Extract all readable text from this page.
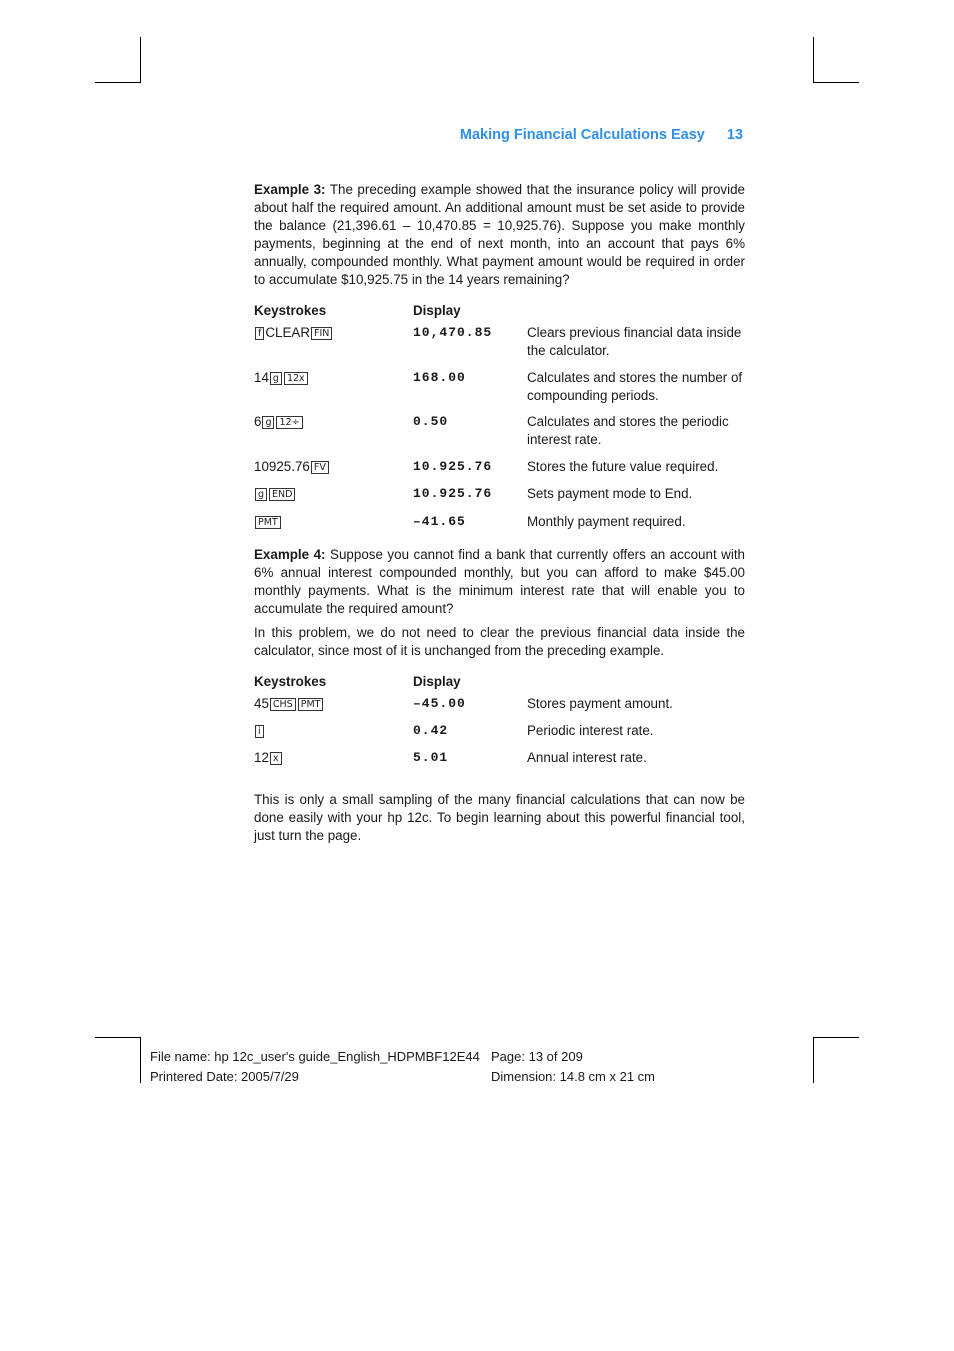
Making Financial Calculations Easy 13

Example 3: The preceding example showed that the insurance policy will provide about half the required amount. An additional amount must be set aside to provide the balance (21,396.61 – 10,470.85 = 10,925.76). Suppose you make monthly payments, beginning at the end of next month, into an account that pays 6% annually, compounded monthly. What payment amount would be required in order to accumulate $10,925.75 in the 14 years remaining?

Keystrokes	Display	
f CLEAR FIN	10,470.85	Clears previous financial data inside the calculator.
14 g 12x	168.00	Calculates and stores the number of compounding periods.
6 g 12÷	0.50	Calculates and stores the periodic interest rate.
10925.76 FV	10.925.76	Stores the future value required.
g END	10.925.76	Sets payment mode to End.
PMT	–41.65	Monthly payment required.

Example 4: Suppose you cannot find a bank that currently offers an account with 6% annual interest compounded monthly, but you can afford to make $45.00 monthly payments. What is the minimum interest rate that will enable you to accumulate the required amount?

In this problem, we do not need to clear the previous financial data inside the calculator, since most of it is unchanged from the preceding example.

Keystrokes	Display	
45 CHS PMT	–45.00	Stores payment amount.
i	0.42	Periodic interest rate.
12 x	5.01	Annual interest rate.

This is only a small sampling of the many financial calculations that can now be done easily with your hp 12c. To begin learning about this powerful financial tool, just turn the page.

File name: hp 12c_user's guide_English_HDPMBF12E44 Page: 13 of 209
Printered Date: 2005/7/29	Dimension: 14.8 cm x 21 cm
